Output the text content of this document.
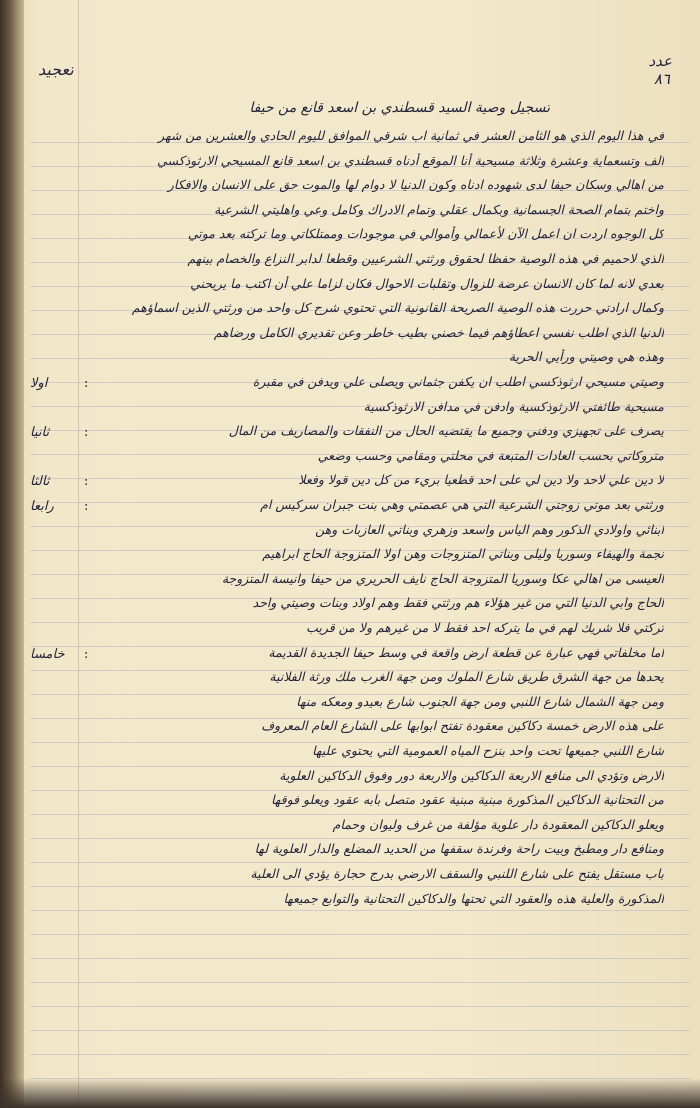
عدد
٨٦
تعجيد
تسجيل وصية السيد قسطندي بن اسعد قانع من حيفا
في هذا اليوم الذي هو الثامن العشر في ثمانية اب شرقي الموافق لليوم الحادي والعشرين من شهر
الف وتسعماية وعشرة وثلاثة مسيحية أنا الموقع أدناه قسطندي بن اسعد قانع المسيحي الارثوذكسي
من اهالي وسكان حيفا لدى شهوده ادناه وكون الدنيا لا دوام لها والموت حق على الانسان والافكار
واختم بتمام الصحة الجسمانية وبكمال عقلي وتمام الادراك وكامل وعي واهليتي الشرعية
كل الوجوه اردت ان اعمل الآن لأعمالي وأموالي في موجودات وممتلكاتي وما تركته بعد موتي
الذي لاحميم في هذه الوصية حفظا لحقوق ورثتي الشرعيين وقطعا لدابر النزاع والخصام بينهم
بعدي لانه لما كان الانسان عرضة للزوال وتقلبات الاحوال فكان لزاما علي أن اكتب ما يريحني
وكمال ارادتي حررت هذه الوصية الصريحة القانونية التي تحتوي شرح كل واحد من ورثتي الذين اسماؤهم
الدنيا الذي اطلب نفسي اعطاؤهم فيما خصني بطيب خاطر وعن تقديري الكامل ورضاهم
وهذه هي وصيتي ورأيي الحرية
اولا	:	وصيتي مسيحي ارثوذكسي اطلب ان يكفن جثماني ويصلى علي ويدفن في مقبرة
مسيحية طائفتي الارثوذكسية وادفن في مدافن الارثوذكسية
ثانيا	:	يصرف على تجهيزي ودفني وجميع ما يقتضيه الحال من النفقات والمصاريف من المال
متروكاتي بحسب العادات المتبعة في محلتي ومقامي وحسب وضعي
ثالثا	:	لا دين علي لاحد ولا دين لي على احد قطعيا بريء من كل دين قولا وفعلا
رابعا :	ورثتي بعد موتي زوجتي الشرعية التي هي عصمتي وهي بنت جبران سركيس ام
ابنائي واولادي الذكور وهم الياس واسعد وزهري وبناتي العازبات وهن
نجمة والهيفاء وسوريا وليلى وبناتي المتزوجات وهن اولا المتزوجة الحاج ابراهيم
العيسى من اهالي عكا وسوريا المتزوجة الحاج نايف الحريري من حيفا وانيسة المتزوجة
الحاج وابي الدنيا التي من غير هؤلاء هم ورثتي فقط وهم اولاد وبنات وصيتي واحد
تركتي فلا شريك لهم في ما يتركه احد فقط لا من غيرهم ولا من قريب
خامسا :	اما مخلفاتي فهي عبارة عن قطعة ارض واقعة في وسط حيفا الجديدة القديمة
يحدها من جهة الشرق طريق شارع الملوك ومن جهة الغرب ملك ورثة الفلانية
ومن جهة الشمال شارع اللنبي ومن جهة الجنوب شارع بعيدو ومعكه منها
على هذه الارض خمسة دكاكين معقودة تفتح ابوابها على الشارع العام المعروف
شارع اللنبي جميعها تحت واحد بنزح المياه العمومية التي يحتوي عليها
الارض وتؤدي الى منافع الاربعة الدكاكين والاربعة دور وفوق الدكاكين العلوية
من التحتانية الدكاكين المذكورة مبنية مبنية عقود متصل بابه عقود ويعلو فوقها
ويعلو الدكاكين المعقودة دار علوية مؤلفة من غرف وليوان وحمام
ومنافع دار ومطبخ وبيت راحة وفرندة سقفها من الحديد المضلع والدار العلوية لها
باب مستقل يفتح على شارع اللنبي والسقف الارضي بدرج حجارة يؤدي الى العلية
المذكورة والعلية هذه والعقود التي تحتها والدكاكين التحتانية والتوابع جميعها
